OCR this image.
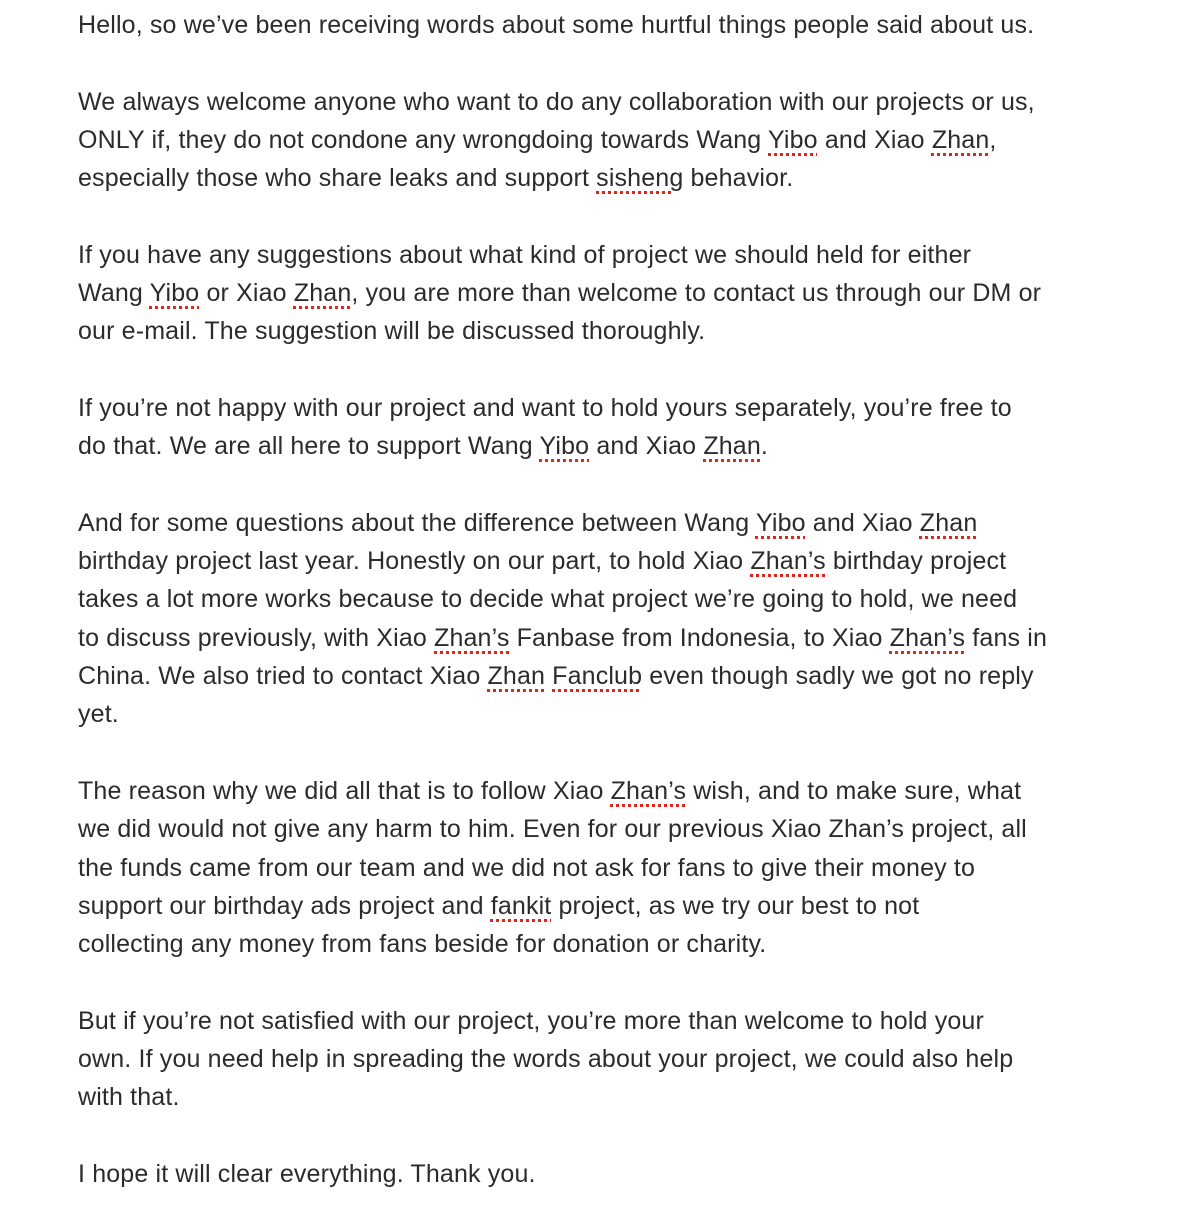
Hello, so we’ve been receiving words about some hurtful things people said about us.
We always welcome anyone who want to do any collaboration with our projects or us,
ONLY if, they do not condone any wrongdoing towards Wang Yibo and Xiao Zhan,
especially those who share leaks and support sisheng behavior.
If you have any suggestions about what kind of project we should held for either
Wang Yibo or Xiao Zhan, you are more than welcome to contact us through our DM or
our e-mail. The suggestion will be discussed thoroughly.
If you’re not happy with our project and want to hold yours separately, you’re free to
do that. We are all here to support Wang Yibo and Xiao Zhan.
And for some questions about the difference between Wang Yibo and Xiao Zhan
birthday project last year. Honestly on our part, to hold Xiao Zhan’s birthday project
takes a lot more works because to decide what project we’re going to hold, we need
to discuss previously, with Xiao Zhan’s Fanbase from Indonesia, to Xiao Zhan’s fans in
China. We also tried to contact Xiao Zhan Fanclub even though sadly we got no reply
yet.
The reason why we did all that is to follow Xiao Zhan’s wish, and to make sure, what
we did would not give any harm to him. Even for our previous Xiao Zhan’s project, all
the funds came from our team and we did not ask for fans to give their money to
support our birthday ads project and fankit project, as we try our best to not
collecting any money from fans beside for donation or charity.
But if you’re not satisfied with our project, you’re more than welcome to hold your
own. If you need help in spreading the words about your project, we could also help
with that.
I hope it will clear everything. Thank you.
